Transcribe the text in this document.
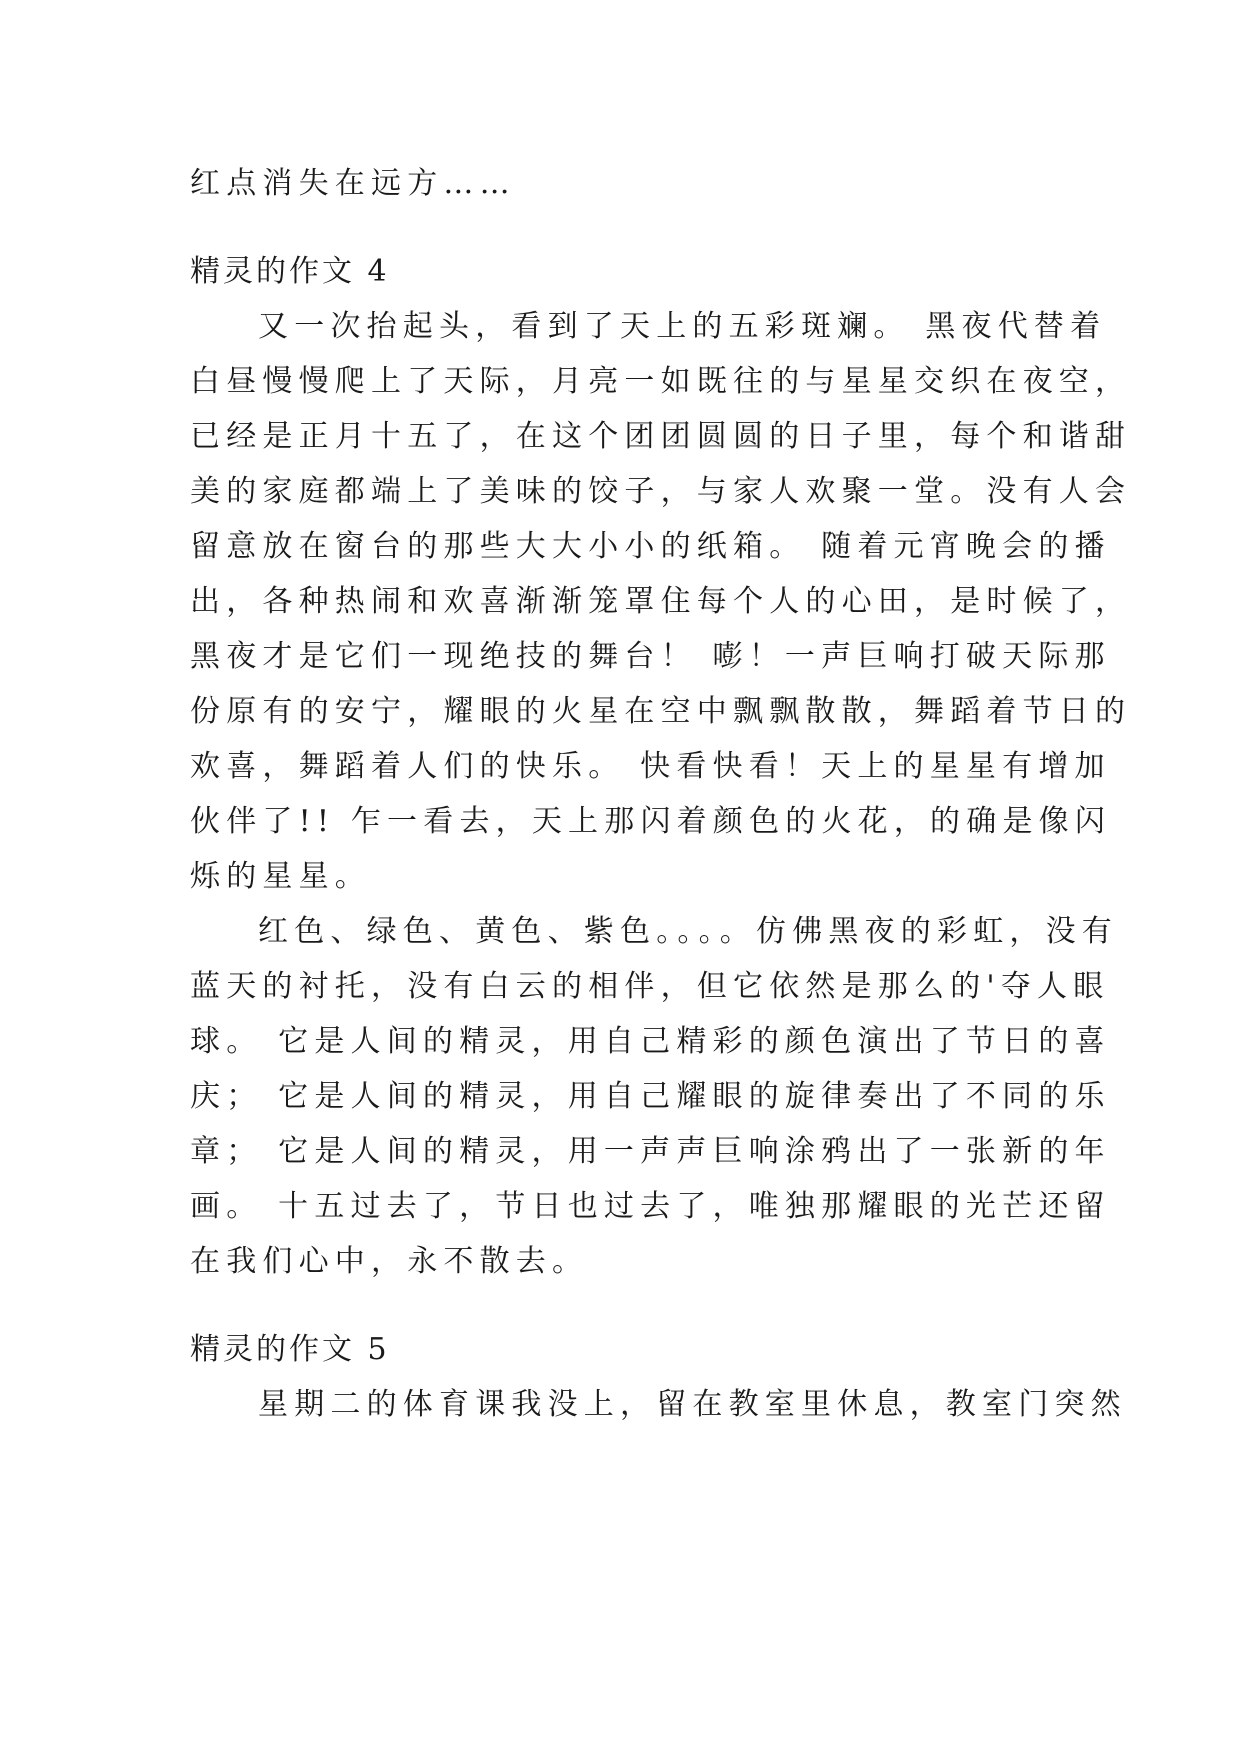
红点消失在远方……
精灵的作文 4
又一次抬起头，看到了天上的五彩斑斓。 黑夜代替着
白昼慢慢爬上了天际，月亮一如既往的与星星交织在夜空，
已经是正月十五了，在这个团团圆圆的日子里，每个和谐甜
美的家庭都端上了美味的饺子，与家人欢聚一堂。没有人会
留意放在窗台的那些大大小小的纸箱。 随着元宵晚会的播
出，各种热闹和欢喜渐渐笼罩住每个人的心田，是时候了，
黑夜才是它们一现绝技的舞台！ 嘭！一声巨响打破天际那
份原有的安宁，耀眼的火星在空中飘飘散散，舞蹈着节日的
欢喜，舞蹈着人们的快乐。 快看快看！天上的星星有增加
伙伴了!! 乍一看去，天上那闪着颜色的火花，的确是像闪
烁的星星。
红色、绿色、黄色、紫色。。。。仿佛黑夜的彩虹，没有
蓝天的衬托，没有白云的相伴，但它依然是那么的'夺人眼
球。 它是人间的精灵，用自己精彩的颜色演出了节日的喜
庆； 它是人间的精灵，用自己耀眼的旋律奏出了不同的乐
章； 它是人间的精灵，用一声声巨响涂鸦出了一张新的年
画。 十五过去了，节日也过去了，唯独那耀眼的光芒还留
在我们心中，永不散去。
精灵的作文 5
星期二的体育课我没上，留在教室里休息，教室门突然
